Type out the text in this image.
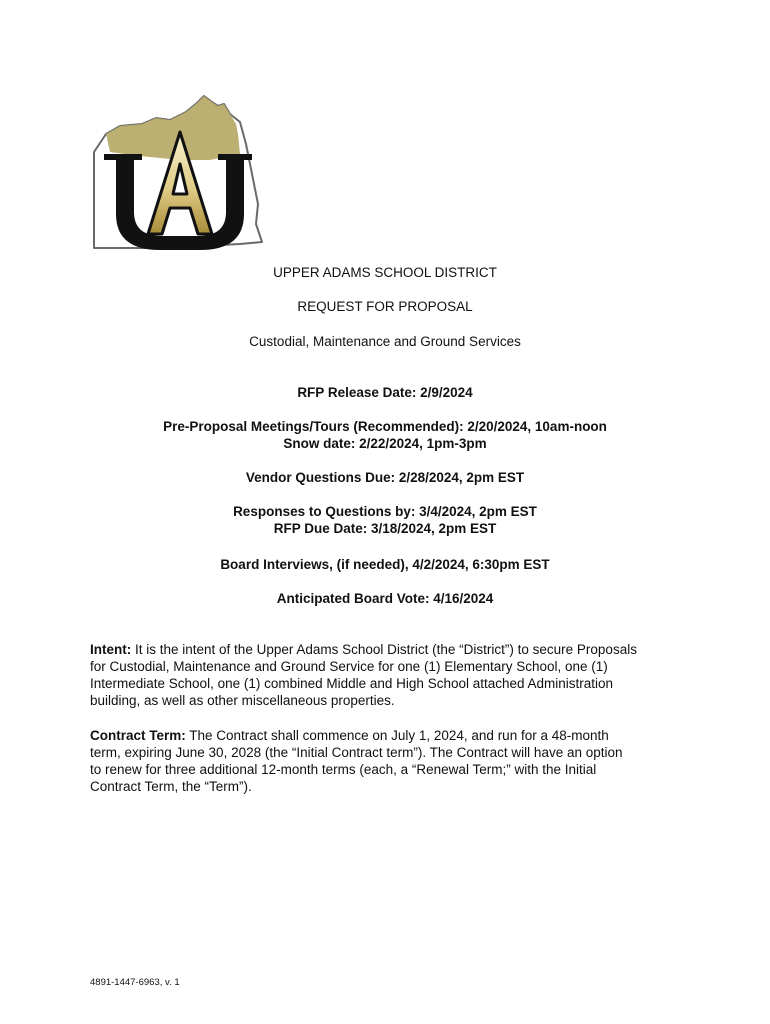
UPPER ADAMS SCHOOL DISTRICT
REQUEST FOR PROPOSAL
Custodial, Maintenance and Ground Services
RFP Release Date: 2/9/2024
Pre-Proposal Meetings/Tours (Recommended): 2/20/2024, 10am-noon
Snow date: 2/22/2024, 1pm-3pm
Vendor Questions Due: 2/28/2024, 2pm EST
Responses to Questions by: 3/4/2024, 2pm EST
RFP Due Date: 3/18/2024, 2pm EST
Board Interviews, (if needed), 4/2/2024, 6:30pm EST
Anticipated Board Vote: 4/16/2024
Intent: It is the intent of the Upper Adams School District (the “District”) to secure Proposals
for Custodial, Maintenance and Ground Service for one (1) Elementary School, one (1)
Intermediate School, one (1) combined Middle and High School attached Administration
building, as well as other miscellaneous properties.
Contract Term: The Contract shall commence on July 1, 2024, and run for a 48-month
term, expiring June 30, 2028 (the “Initial Contract term”). The Contract will have an option
to renew for three additional 12-month terms (each, a “Renewal Term;” with the Initial
Contract Term, the “Term”).
4891-1447-6963, v. 1
